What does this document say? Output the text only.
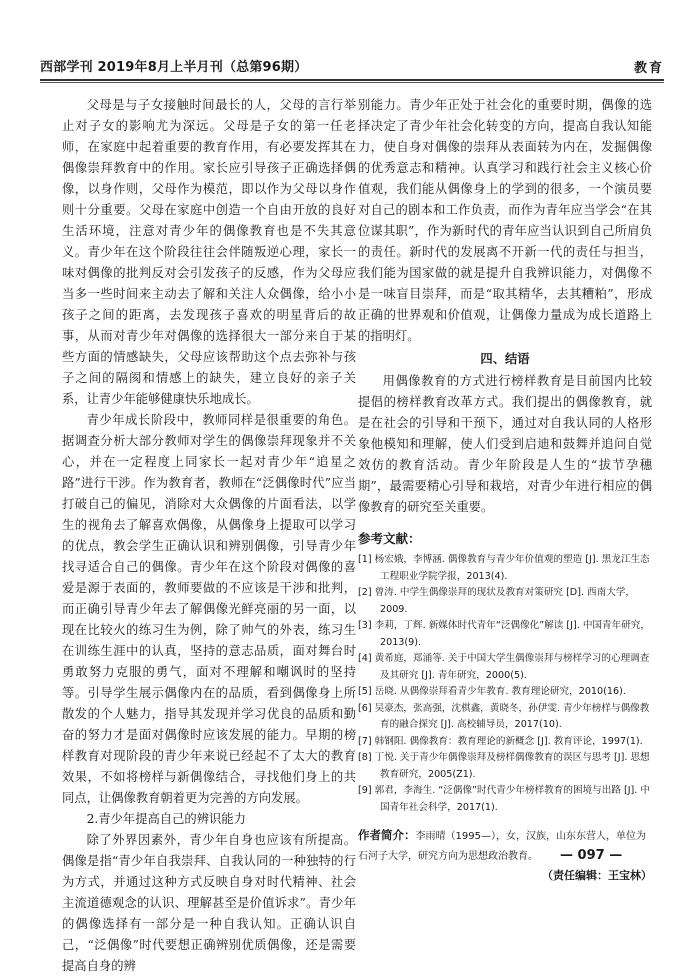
西部学刊 2019年8月上半月刊（总第96期）	教育

父母是与子女接触时间最长的人，父母的言行举止对子女的影响尤为深远。父母是子女的第一任老师，在家庭中起着重要的教育作用，有必要发挥其在偶像崇拜教育中的作用。家长应引导孩子正确选择偶像，以身作则，父母作为模范，即以作为父母以身作则十分重要。父母在家庭中创造一个自由开放的良好生活环境，注意对青少年的偶像教育也是不失其意义。青少年在这个阶段往往会伴随叛逆心理，家长一味对偶像的批判反对会引发孩子的反感，作为父母应当多一些时间来主动去了解和关注人众偶像，给小小孩子之间的距离，去发现孩子喜欢的明星背后的故事，从而对青少年对偶像的选择很大一部分来自于某些方面的情感缺失，父母应该帮助这个点去弥补与孩子之间的隔阂和情感上的缺失，建立良好的亲子关系，让青少年能够健康快乐地成长。

青少年成长阶段中，教师同样是很重要的角色。据调查分析大部分教师对学生的偶像崇拜现象并不关心，并在一定程度上同家长一起对青少年“追星之路”进行干涉。作为教育者，教师在“泛偶像时代”应当打破自己的偏见，消除对大众偶像的片面看法，以学生的视角去了解喜欢偶像，从偶像身上提取可以学习的优点，教会学生正确认识和辨别偶像，引导青少年找寻适合自己的偶像。青少年在这个阶段对偶像的喜爱是源于表面的，教师要做的不应该是干涉和批判，而正确引导青少年去了解偶像光鲜亮丽的另一面，以现在比较火的练习生为例，除了帅气的外表，练习生在训练生涯中的认真，坚持的意志品质，面对舞台时勇敢努力克服的勇气，面对不理解和嘲讽时的坚持等。引导学生展示偶像内在的品质，看到偶像身上所散发的个人魅力，指导其发现并学习优良的品质和勤奋的努力才是面对偶像时应该发展的能力。早期的榜样教育对现阶段的青少年来说已经起不了太大的教育效果，不如将榜样与新偶像结合，寻找他们身上的共同点，让偶像教育朝着更为完善的方向发展。

2.青少年提高自己的辨识能力

除了外界因素外，青少年自身也应该有所提高。偶像是指“青少年自我崇拜、自我认同的一种独特的行为方式，并通过这种方式反映自身对时代精神、社会主流道德观念的认识、理解甚至是价值诉求”。青少年的偶像选择有一部分是一种自我认知。正确认识自己，“泛偶像”时代要想正确辨别优质偶像，还是需要提高自身的辨

别能力。青少年正处于社会化的重要时期，偶像的选择决定了青少年社会化转变的方向，提高自我认知能力，使自身对偶像的崇拜从表面转为内在，发掘偶像的优秀意志和精神。认真学习和践行社会主义核心价值观，我们能从偶像身上的学到的很多，一个演员要对自己的剧本和工作负责，而作为青年应当学会“在其位谋其职”，作为新时代的青年应当认识到自己所肩负的责任。新时代的发展离不开新一代的责任与担当，我们能为国家做的就是提升自我辨识能力，对偶像不是一味盲目崇拜，而是“取其精华，去其糟粕”，形成正确的世界观和价值观，让偶像力量成为成长道路上的指明灯。

四、结语

用偶像教育的方式进行榜样教育是目前国内比较提倡的榜样教育改革方式。我们提出的偶像教育，就是在社会的引导和干预下，通过对自我认同的人格形象他模知和理解，使人们受到启迪和鼓舞并追问自觉效仿的教育活动。青少年阶段是人生的“拔节孕穗期”，最需要精心引导和栽培，对青少年进行相应的偶像教育的研究至关重要。

参考文献：
[1] 杨宏娥，李博涵. 偶像教育与青少年价值观的塑造 [J]. 黑龙江生态工程职业学院学报，2013(4).
[2] 曾涛. 中学生偶像崇拜的现状及教育对策研究 [D]. 西南大学，2009.
[3] 李莉，丁辉. 新媒体时代青年“泛偶像化”解读 [J]. 中国青年研究，2013(9).
[4] 黄希庭，郑涌等. 关于中国大学生偶像崇拜与榜样学习的心理调查及其研究 [J]. 青年研究，2000(5).
[5] 岳晓. 从偶像崇拜看青少年教育. 教育理论研究，2010(16).
[6] 吴豪杰，张高强，沈棋鑫，黄晓冬，孙伊雯. 青少年榜样与偶像教育的融合探究 [J]. 高校辅导员，2017(10).
[7] 韩钢阳. 偶像教育：教育理论的新概念 [J]. 教育评论，1997(1).
[8] 丁悦. 关于青少年偶像崇拜及榜样偶像教育的误区与思考 [J]. 思想教育研究，2005(Z1).
[9] 郭君，李海生. “泛偶像”时代青少年榜样教育的困境与出路 [J]. 中国青年社会科学，2017(1).
作者简介：李雨晴（1995—），女，汉族，山东东营人，单位为石河子大学，研究方向为思想政治教育。
（责任编辑：王宝林）
— 097 —
